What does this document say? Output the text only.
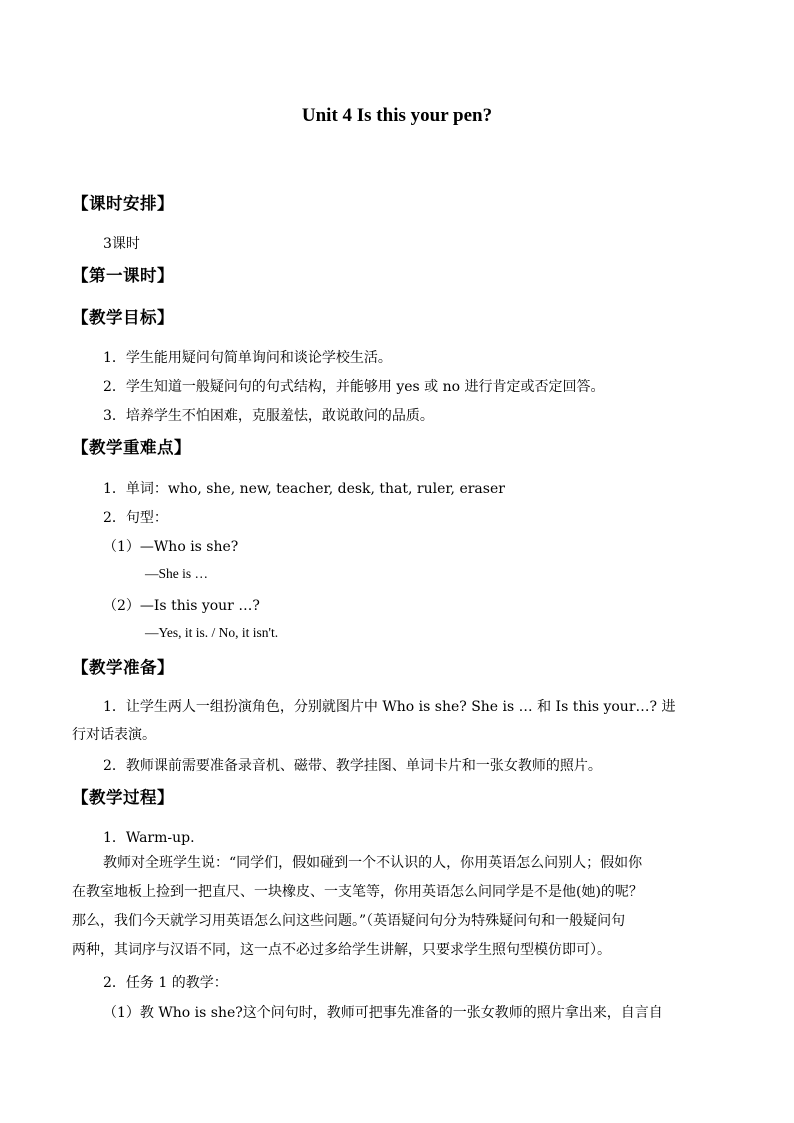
Unit 4 Is this your pen?
【课时安排】
3课时
【第一课时】
【教学目标】
1．学生能用疑问句简单询问和谈论学校生活。
2．学生知道一般疑问句的句式结构，并能够用 yes 或 no 进行肯定或否定回答。
3．培养学生不怕困难，克服羞怯，敢说敢问的品质。
【教学重难点】
1．单词：who, she, new, teacher, desk, that, ruler, eraser
2．句型：
（1）—Who is she?
—She is …
（2）—Is this your …?
—Yes, it is. / No, it isn't.
【教学准备】
1．让学生两人一组扮演角色，分别就图片中 Who is she? She is … 和 Is this your…? 进
行对话表演。
2．教师课前需要准备录音机、磁带、教学挂图、单词卡片和一张女教师的照片。
【教学过程】
1．Warm-up.
教师对全班学生说：“同学们，假如碰到一个不认识的人，你用英语怎么问别人；假如你
在教室地板上捡到一把直尺、一块橡皮、一支笔等，你用英语怎么问同学是不是他(她)的呢？
那么，我们今天就学习用英语怎么问这些问题。”（英语疑问句分为特殊疑问句和一般疑问句
两种，其词序与汉语不同，这一点不必过多给学生讲解，只要求学生照句型模仿即可）。
2．任务 1 的教学：
（1）教 Who is she?这个问句时，教师可把事先准备的一张女教师的照片拿出来，自言自
